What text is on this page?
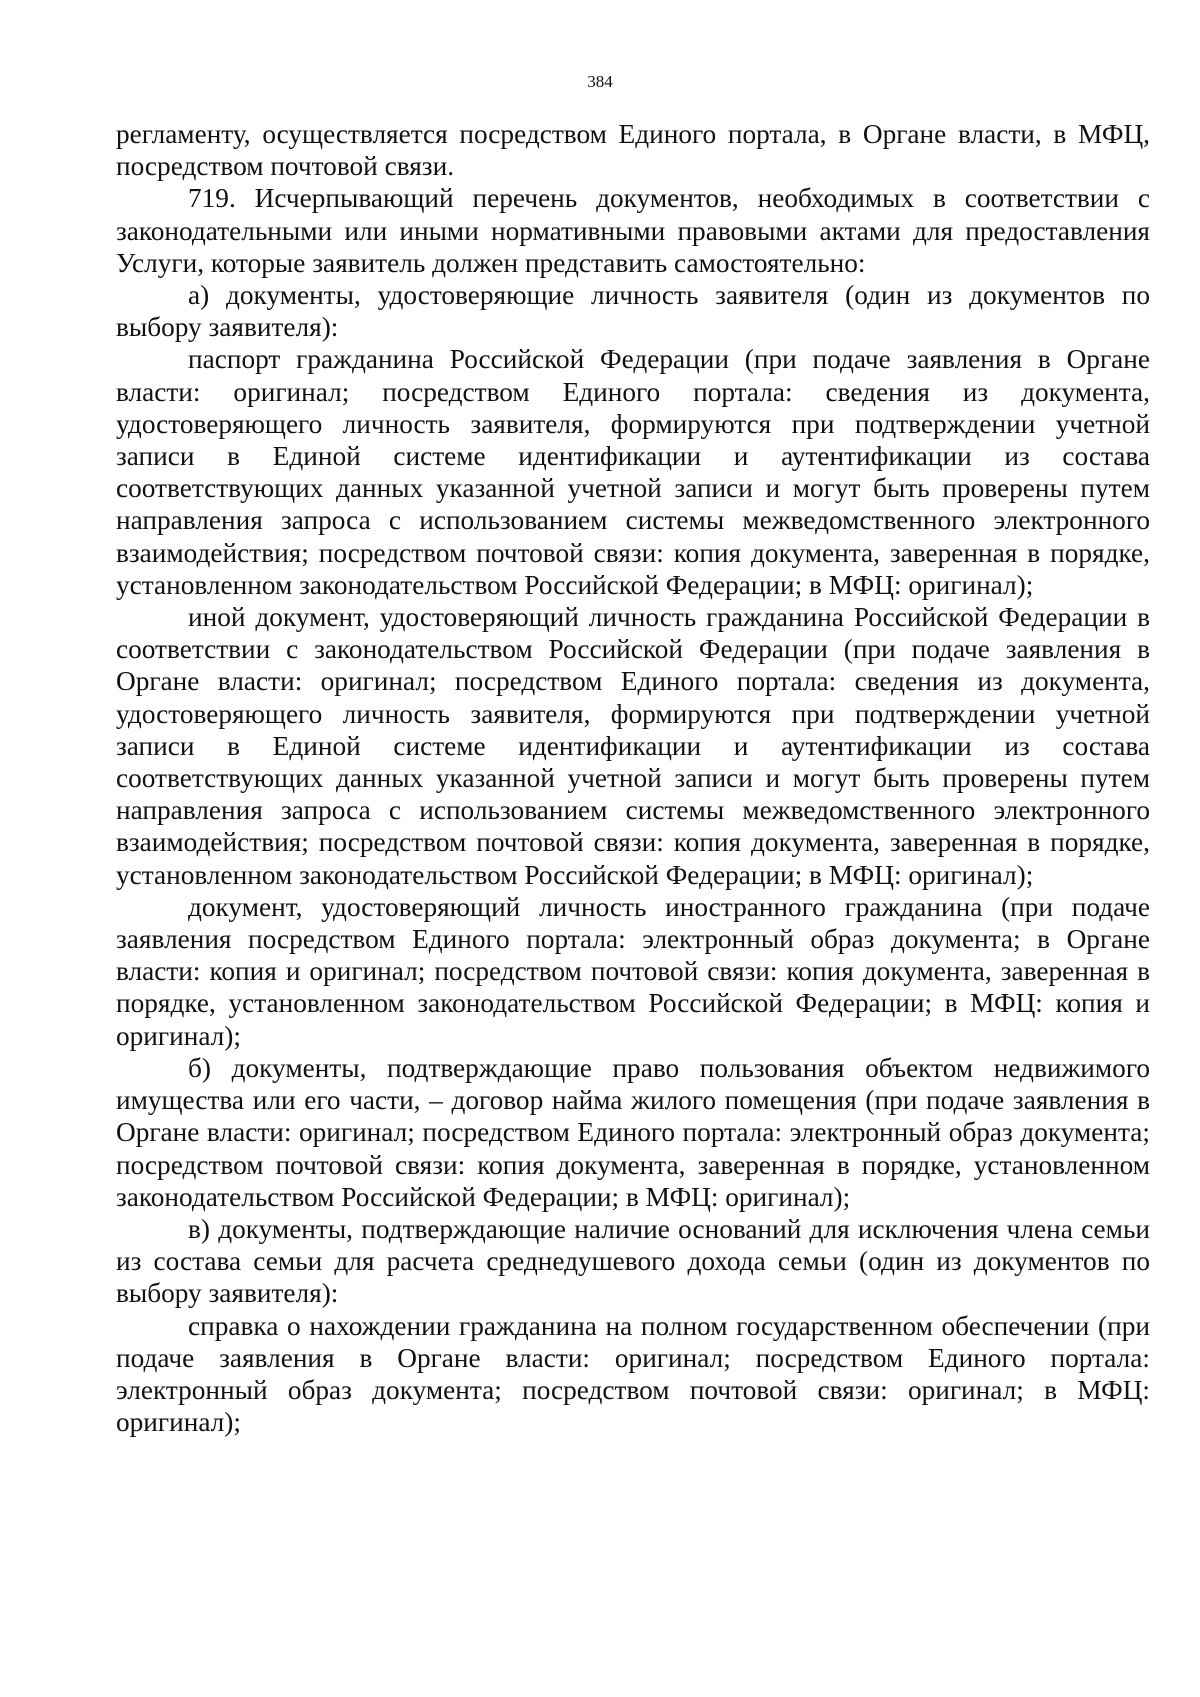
384

регламенту, осуществляется посредством Единого портала, в Органе власти, в МФЦ, посредством почтовой связи.

719. Исчерпывающий перечень документов, необходимых в соответствии с законодательными или иными нормативными правовыми актами для предоставления Услуги, которые заявитель должен представить самостоятельно:

а) документы, удостоверяющие личность заявителя (один из документов по выбору заявителя):

паспорт гражданина Российской Федерации (при подаче заявления в Органе власти: оригинал; посредством Единого портала: сведения из документа, удостоверяющего личность заявителя, формируются при подтверждении учетной записи в Единой системе идентификации и аутентификации из состава соответствующих данных указанной учетной записи и могут быть проверены путем направления запроса с использованием системы межведомственного электронного взаимодействия; посредством почтовой связи: копия документа, заверенная в порядке, установленном законодательством Российской Федерации; в МФЦ: оригинал);

иной документ, удостоверяющий личность гражданина Российской Федерации в соответствии с законодательством Российской Федерации (при подаче заявления в Органе власти: оригинал; посредством Единого портала: сведения из документа, удостоверяющего личность заявителя, формируются при подтверждении учетной записи в Единой системе идентификации и аутентификации из состава соответствующих данных указанной учетной записи и могут быть проверены путем направления запроса с использованием системы межведомственного электронного взаимодействия; посредством почтовой связи: копия документа, заверенная в порядке, установленном законодательством Российской Федерации; в МФЦ: оригинал);

документ, удостоверяющий личность иностранного гражданина (при подаче заявления посредством Единого портала: электронный образ документа; в Органе власти: копия и оригинал; посредством почтовой связи: копия документа, заверенная в порядке, установленном законодательством Российской Федерации; в МФЦ: копия и оригинал);

б) документы, подтверждающие право пользования объектом недвижимого имущества или его части, – договор найма жилого помещения (при подаче заявления в Органе власти: оригинал; посредством Единого портала: электронный образ документа; посредством почтовой связи: копия документа, заверенная в порядке, установленном законодательством Российской Федерации; в МФЦ: оригинал);

в) документы, подтверждающие наличие оснований для исключения члена семьи из состава семьи для расчета среднедушевого дохода семьи (один из документов по выбору заявителя):

справка о нахождении гражданина на полном государственном обеспечении (при подаче заявления в Органе власти: оригинал; посредством Единого портала: электронный образ документа; посредством почтовой связи: оригинал; в МФЦ: оригинал);
